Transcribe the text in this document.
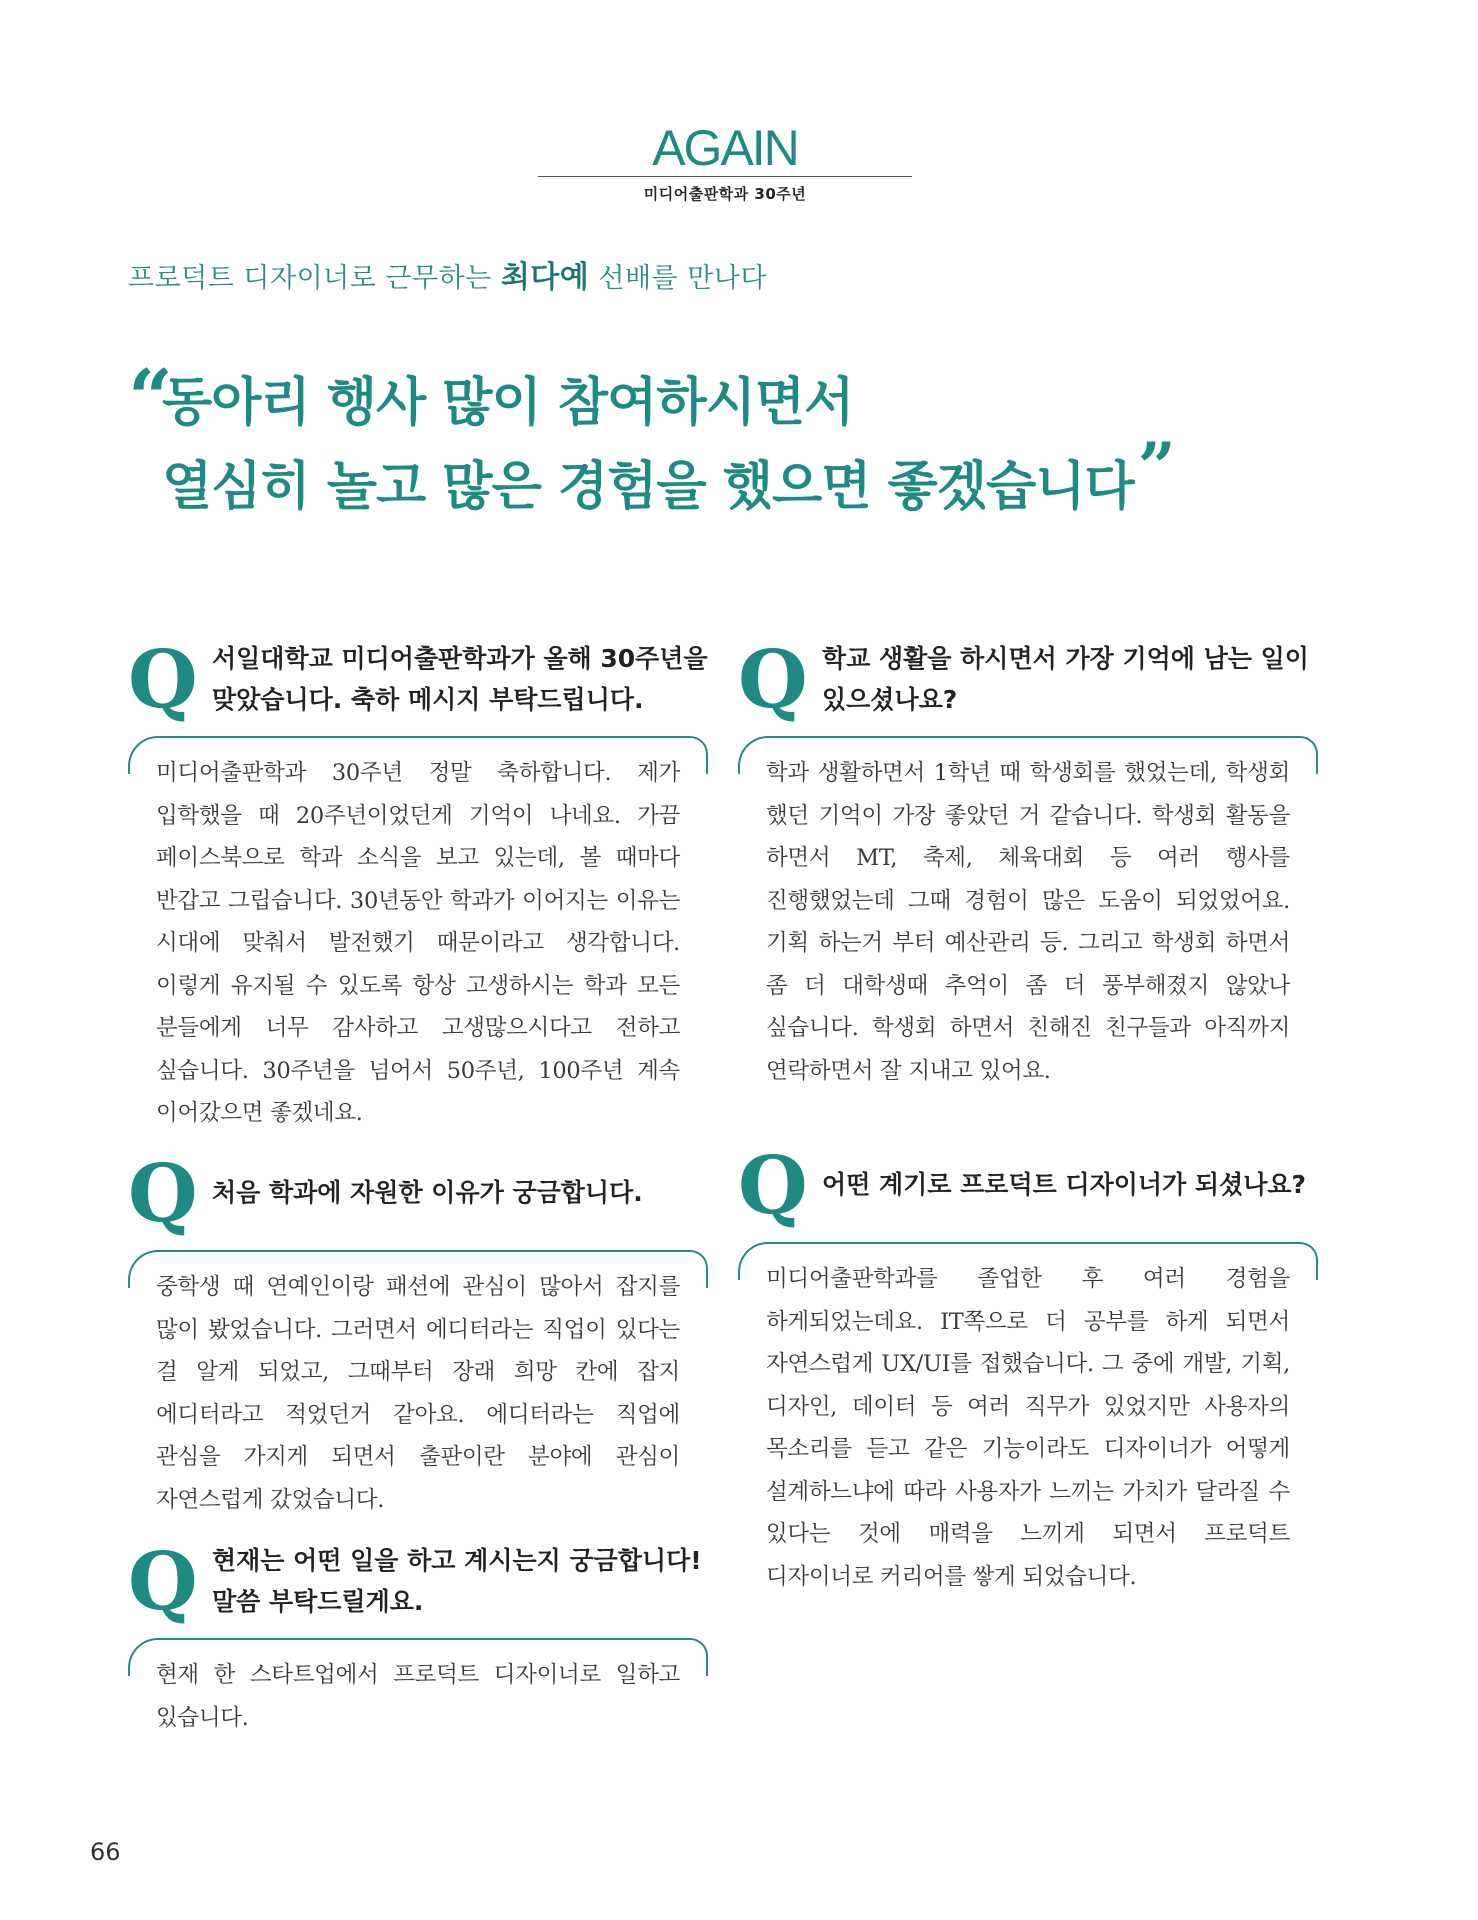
AGAIN
미디어출판학과 30주년
프로덕트 디자이너로 근무하는 최다예 선배를 만나다
“
동아리 행사 많이 참여하시면서
열심히 놀고 많은 경험을 했으면 좋겠습니다”
Q 서일대학교 미디어출판학과가 올해 30주년을 맞았습니다. 축하 메시지 부탁드립니다.
미디어출판학과 30주년 정말 축하합니다. 제가 입학했을 때 20주년이었던게 기억이 나네요. 가끔 페이스북으로 학과 소식을 보고 있는데, 볼 때마다 반갑고 그립습니다. 30년동안 학과가 이어지는 이유는 시대에 맞춰서 발전했기 때문이라고 생각합니다. 이렇게 유지될 수 있도록 항상 고생하시는 학과 모든 분들에게 너무 감사하고 고생많으시다고 전하고 싶습니다. 30주년을 넘어서 50주년, 100주년 계속 이어갔으면 좋겠네요.
Q 처음 학과에 자원한 이유가 궁금합니다.
중학생 때 연예인이랑 패션에 관심이 많아서 잡지를 많이 봤었습니다. 그러면서 에디터라는 직업이 있다는 걸 알게 되었고, 그때부터 장래 희망 칸에 잡지 에디터라고 적었던거 같아요. 에디터라는 직업에 관심을 가지게 되면서 출판이란 분야에 관심이 자연스럽게 갔었습니다.
Q 현재는 어떤 일을 하고 계시는지 궁금합니다! 말씀 부탁드릴게요.
현재 한 스타트업에서 프로덕트 디자이너로 일하고 있습니다.
Q 학교 생활을 하시면서 가장 기억에 남는 일이 있으셨나요?
학과 생활하면서 1학년 때 학생회를 했었는데, 학생회 했던 기억이 가장 좋았던 거 같습니다. 학생회 활동을 하면서 MT, 축제, 체육대회 등 여러 행사를 진행했었는데 그때 경험이 많은 도움이 되었었어요. 기획 하는거 부터 예산관리 등. 그리고 학생회 하면서 좀 더 대학생때 추억이 좀 더 풍부해졌지 않았나 싶습니다. 학생회 하면서 친해진 친구들과 아직까지 연락하면서 잘 지내고 있어요.
Q 어떤 계기로 프로덕트 디자이너가 되셨나요?
미디어출판학과를 졸업한 후 여러 경험을 하게되었는데요. IT쪽으로 더 공부를 하게 되면서 자연스럽게 UX/UI를 접했습니다. 그 중에 개발, 기획, 디자인, 데이터 등 여러 직무가 있었지만 사용자의 목소리를 듣고 같은 기능이라도 디자이너가 어떻게 설계하느냐에 따라 사용자가 느끼는 가치가 달라질 수 있다는 것에 매력을 느끼게 되면서 프로덕트 디자이너로 커리어를 쌓게 되었습니다.
66
